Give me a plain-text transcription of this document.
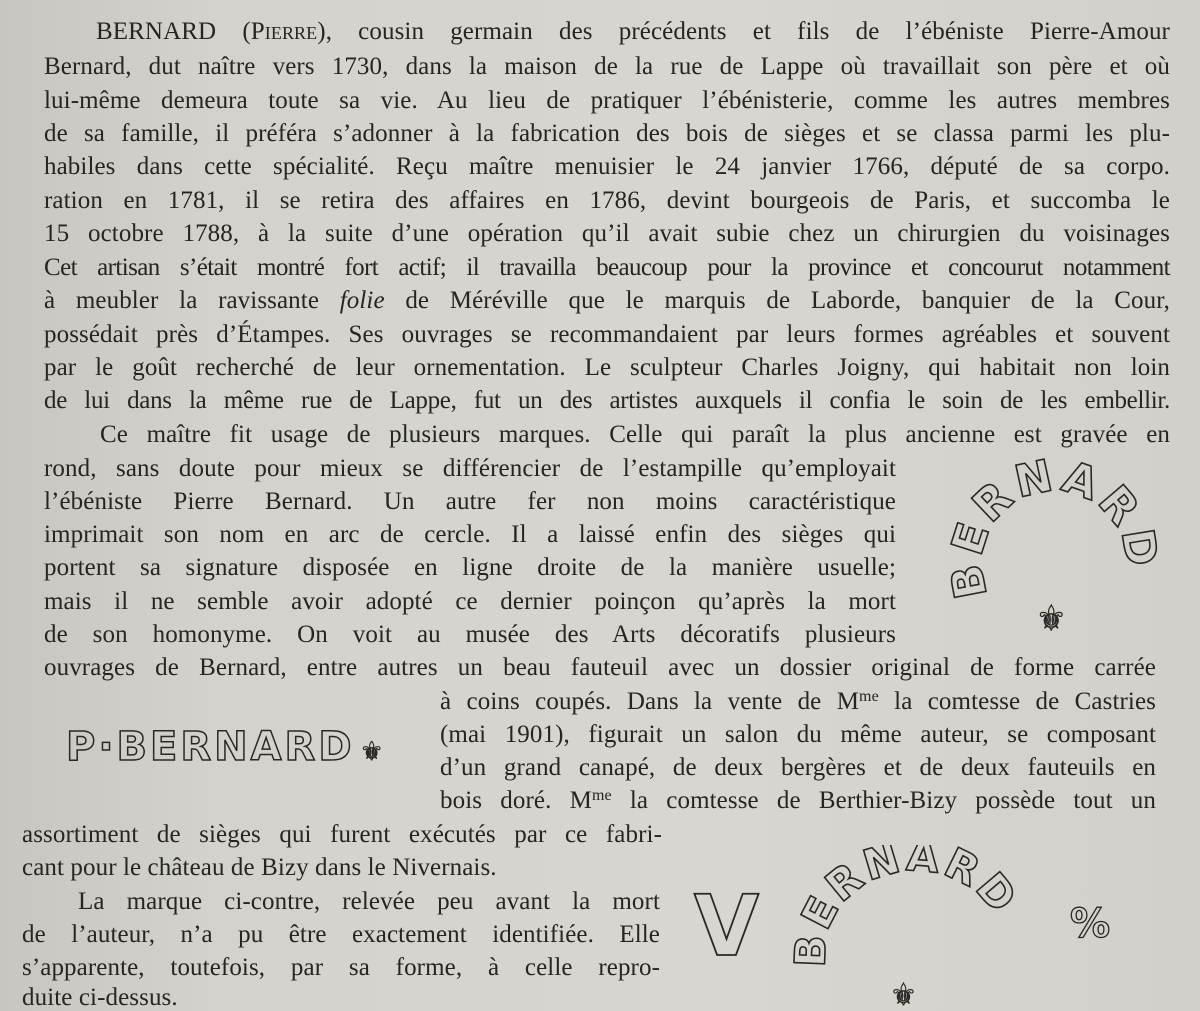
BERNARD (Pierre), cousin germain des précédents et fils de l’ébéniste Pierre-Amour
Bernard, dut naître vers 1730, dans la maison de la rue de Lappe où travaillait son père et où
lui-même demeura toute sa vie. Au lieu de pratiquer l’ébénisterie, comme les autres membres
de sa famille, il préféra s’adonner à la fabrication des bois de sièges et se classa parmi les plu-
habiles dans cette spécialité. Reçu maître menuisier le 24 janvier 1766, député de sa corpo.
ration en 1781, il se retira des affaires en 1786, devint bourgeois de Paris, et succomba le
15 octobre 1788, à la suite d’une opération qu’il avait subie chez un chirurgien du voisinages
Cet artisan s’était montré fort actif; il travailla beaucoup pour la province et concourut notamment
à meubler la ravissante folie de Méréville que le marquis de Laborde, banquier de la Cour,
possédait près d’Étampes. Ses ouvrages se recommandaient par leurs formes agréables et souvent
par le goût recherché de leur ornementation. Le sculpteur Charles Joigny, qui habitait non loin
de lui dans la même rue de Lappe, fut un des artistes auxquels il confia le soin de les embellir.
Ce maître fit usage de plusieurs marques. Celle qui paraît la plus ancienne est gravée en
rond, sans doute pour mieux se différencier de l’estampille qu’employait
l’ébéniste Pierre Bernard. Un autre fer non moins caractéristique
imprimait son nom en arc de cercle. Il a laissé enfin des sièges qui
portent sa signature disposée en ligne droite de la manière usuelle;
mais il ne semble avoir adopté ce dernier poinçon qu’après la mort
de son homonyme. On voit au musée des Arts décoratifs plusieurs
ouvrages de Bernard, entre autres un beau fauteuil avec un dossier original de forme carrée
à coins coupés. Dans la vente de $M^{me}$ la comtesse de Castries
(mai 1901), figurait un salon du même auteur, se composant
d’un grand canapé, de deux bergères et de deux fauteuils en
bois doré. $M^{me}$ la comtesse de Berthier-Bizy possède tout un
assortiment de sièges qui furent exécutés par ce fabri-
cant pour le château de Bizy dans le Nivernais.
La marque ci-contre, relevée peu avant la mort
de l’auteur, n’a pu être exactement identifiée. Elle
s’apparente, toutefois, par sa forme, à celle repro-
duite ci-dessus.
BERNARD
⚜
P·BERNARD ⚜
V BERNARD
⚜
%
